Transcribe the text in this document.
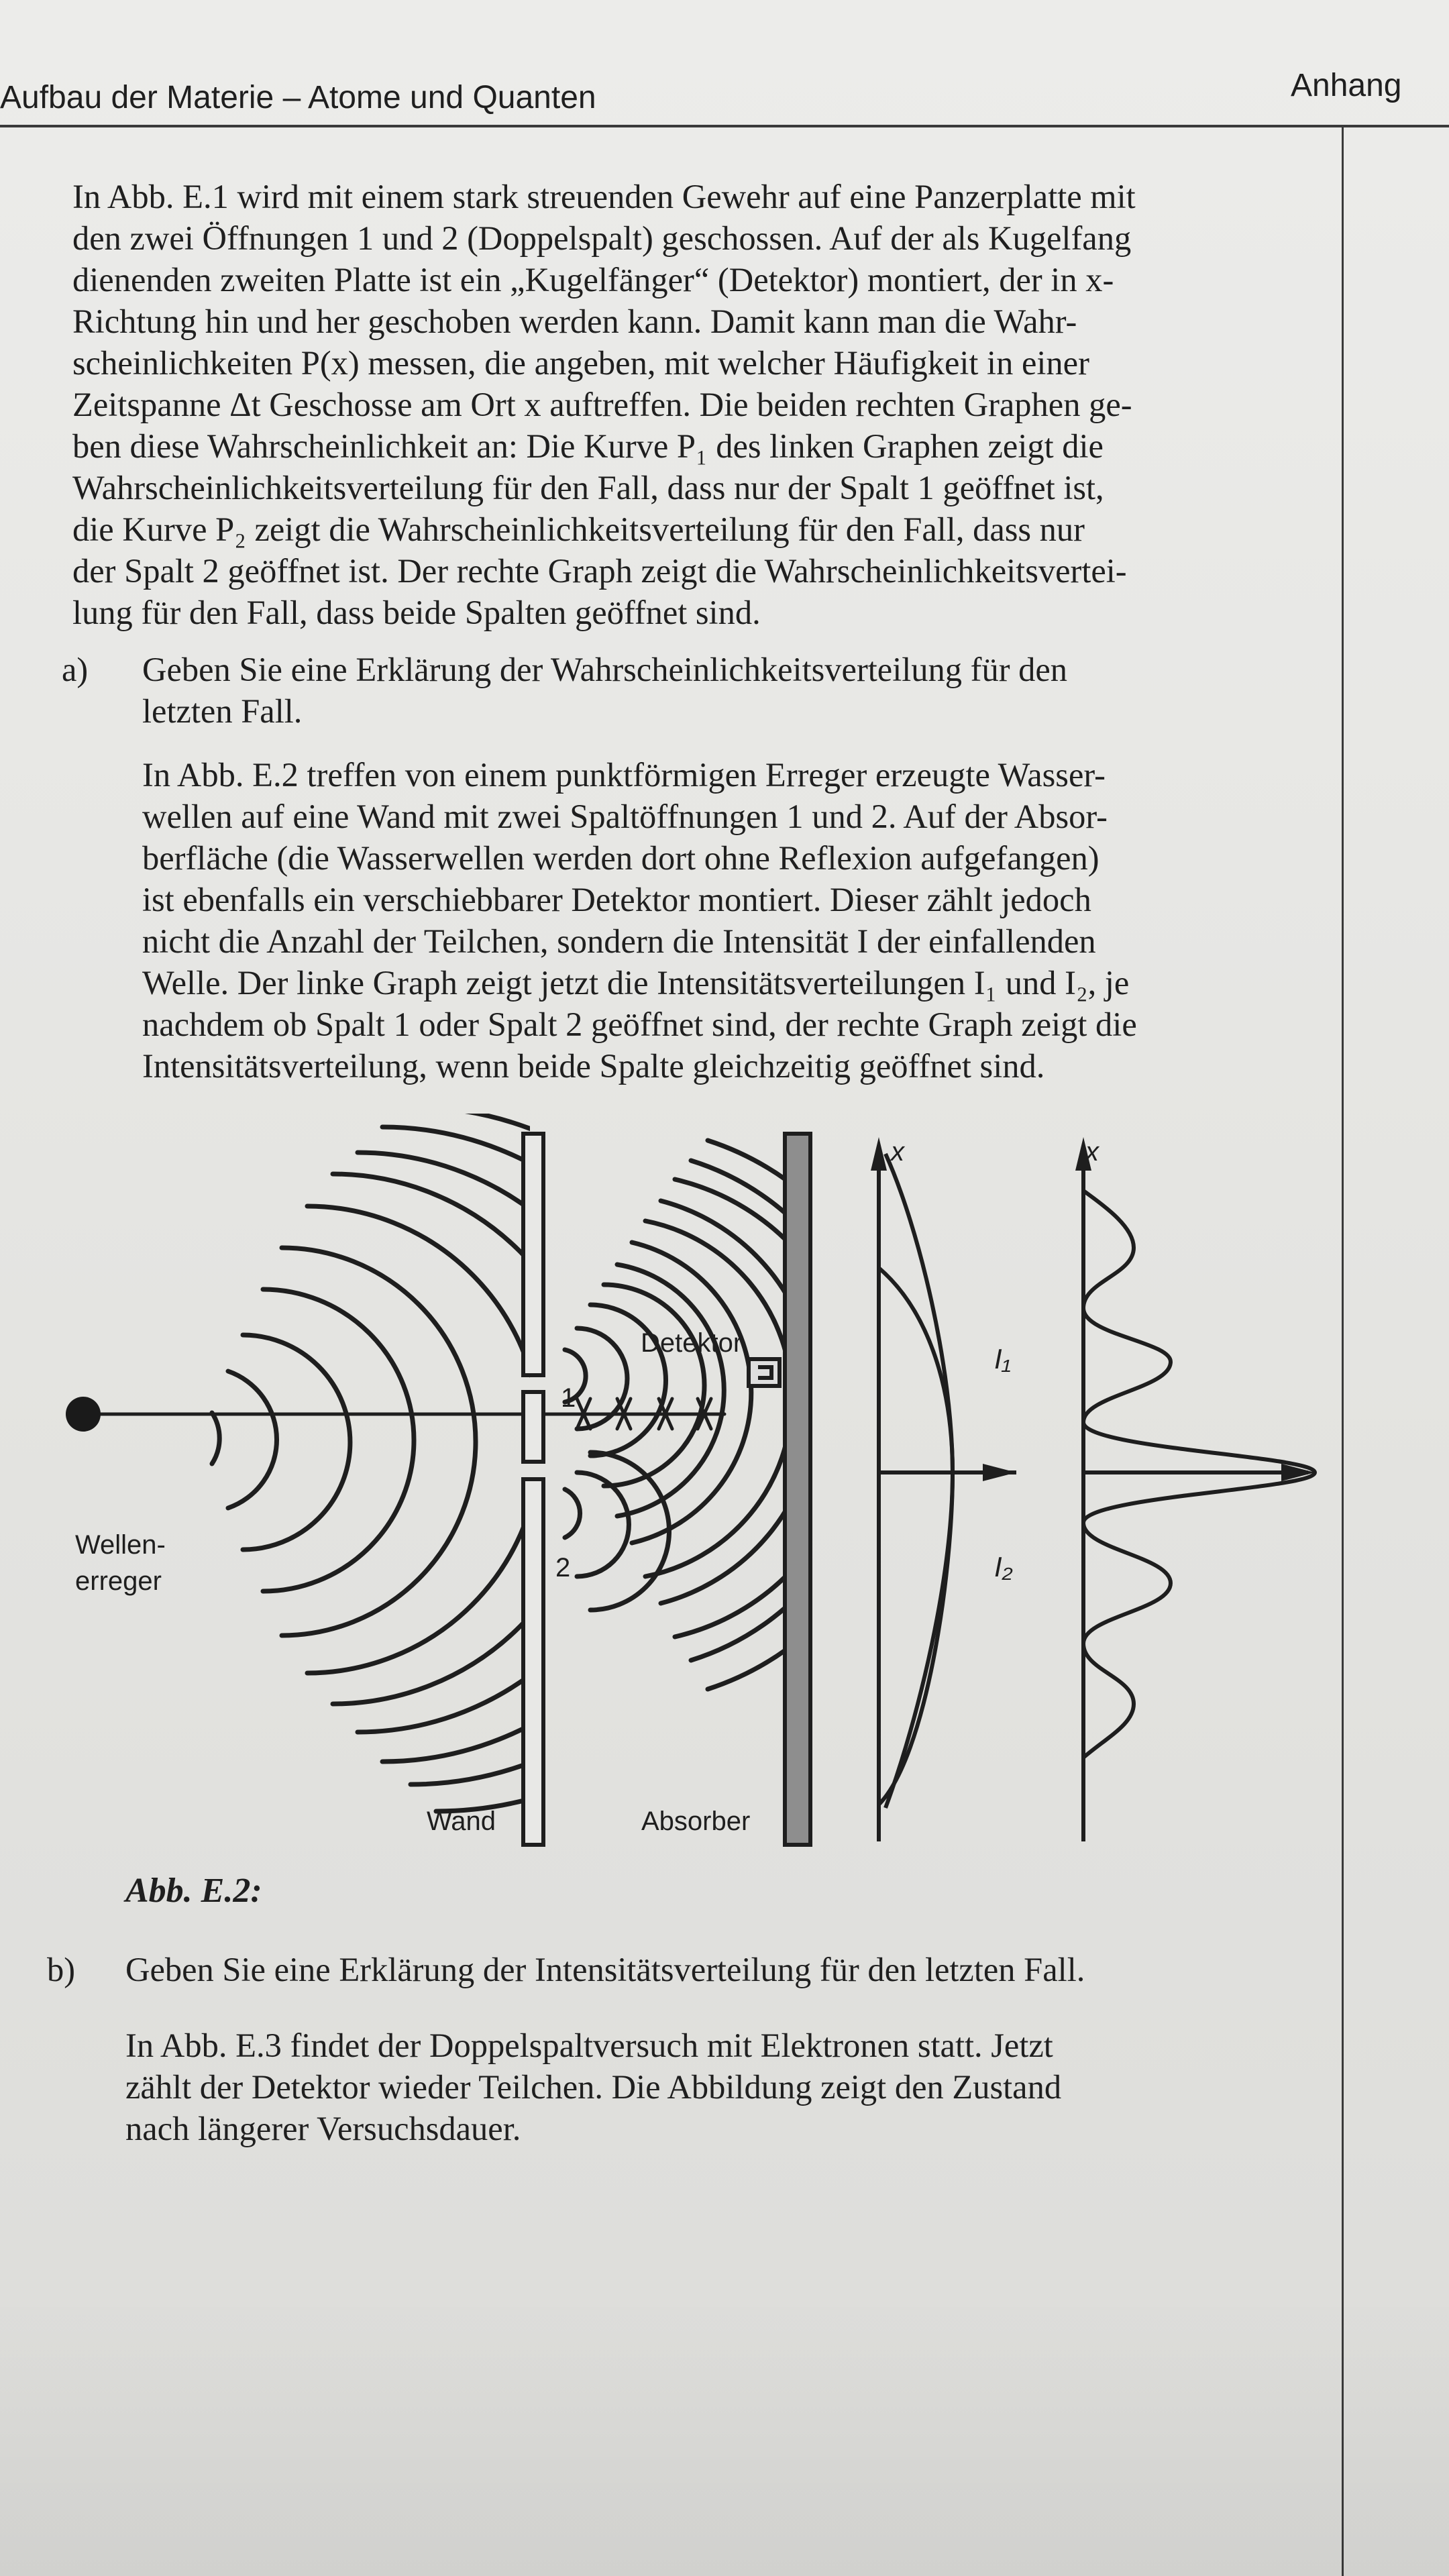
Aufbau der Materie – Atome und Quanten	Anhang
In Abb. E.1 wird mit einem stark streuenden Gewehr auf eine Panzerplatte mit
den zwei Öffnungen 1 und 2 (Doppelspalt) geschossen. Auf der als Kugelfang
dienenden zweiten Platte ist ein „Kugelfänger“ (Detektor) montiert, der in x-
Richtung hin und her geschoben werden kann. Damit kann man die Wahr-
scheinlichkeiten P(x) messen, die angeben, mit welcher Häufigkeit in einer
Zeitspanne Δt Geschosse am Ort x auftreffen. Die beiden rechten Graphen ge-
ben diese Wahrscheinlichkeit an: Die Kurve P₁ des linken Graphen zeigt die
Wahrscheinlichkeitsverteilung für den Fall, dass nur der Spalt 1 geöffnet ist,
die Kurve P₂ zeigt die Wahrscheinlichkeitsverteilung für den Fall, dass nur
der Spalt 2 geöffnet ist. Der rechte Graph zeigt die Wahrscheinlichkeitsvertei-
lung für den Fall, dass beide Spalten geöffnet sind.
a) Geben Sie eine Erklärung der Wahrscheinlichkeitsverteilung für den
letzten Fall.
In Abb. E.2 treffen von einem punktförmigen Erreger erzeugte Wasser-
wellen auf eine Wand mit zwei Spaltöffnungen 1 und 2. Auf der Absor-
berfläche (die Wasserwellen werden dort ohne Reflexion aufgefangen)
ist ebenfalls ein verschiebbarer Detektor montiert. Dieser zählt jedoch
nicht die Anzahl der Teilchen, sondern die Intensität I der einfallenden
Welle. Der linke Graph zeigt jetzt die Intensitätsverteilungen I₁ und I₂, je
nachdem ob Spalt 1 oder Spalt 2 geöffnet sind, der rechte Graph zeigt die
Intensitätsverteilung, wenn beide Spalte gleichzeitig geöffnet sind.
Detektor
1
2
Wellen-
erreger
Wand	Absorber
x	x
I₁
I₂
Abb. E.2:
b) Geben Sie eine Erklärung der Intensitätsverteilung für den letzten Fall.
In Abb. E.3 findet der Doppelspaltversuch mit Elektronen statt. Jetzt
zählt der Detektor wieder Teilchen. Die Abbildung zeigt den Zustand
nach längerer Versuchsdauer.
